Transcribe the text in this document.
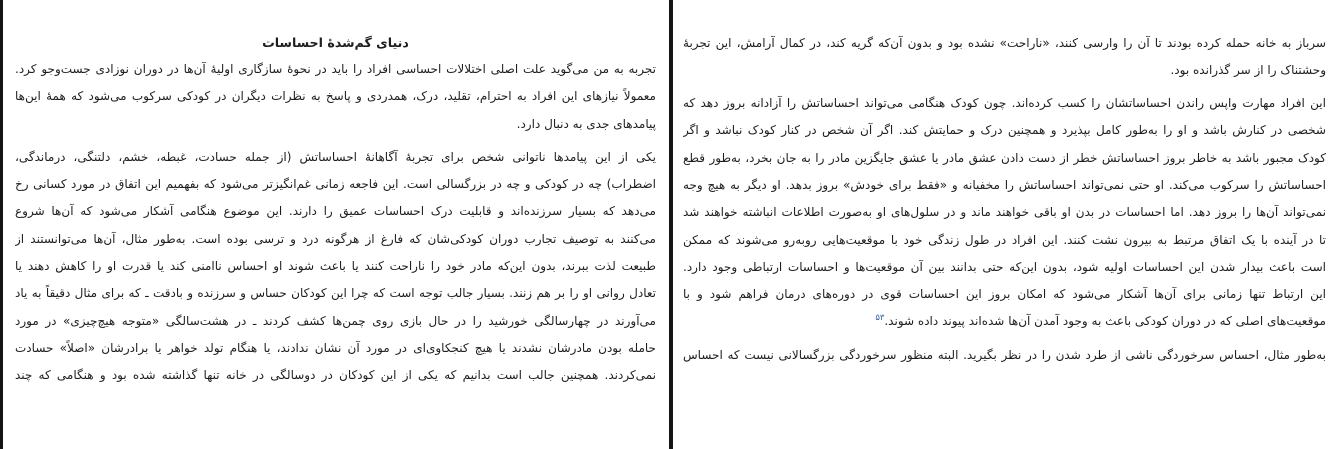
دنیای گم‌شدهٔ احساسات
تجربه به من می‌گوید علت اصلی اختلالات احساسی افراد را باید در نحوهٔ سازگاری اولیهٔ آن‌ها در دوران نوزادی جست‌وجو کرد.
معمولاً نیازهای این افراد به احترام، تقلید، درک، همدردی و پاسخ به نظرات دیگران در کودکی سرکوب می‌شود که همهٔ این‌ها
پیامدهای جدی به دنبال دارد.
یکی از این پیامدها ناتوانی شخص برای تجربهٔ آگاهانهٔ احساساتش (از جمله حسادت، غبطه، خشم، دلتنگی، درماندگی،
اضطراب) چه در کودکی و چه در بزرگسالی است. این فاجعه زمانی غم‌انگیزتر می‌شود که بفهمیم این اتفاق در مورد کسانی رخ
می‌دهد که بسیار سرزنده‌اند و قابلیت درک احساسات عمیق را دارند. این موضوع هنگامی آشکار می‌شود که آن‌ها شروع
می‌کنند به توصیف تجارب دوران کودکی‌شان که فارغ از هرگونه درد و ترسی بوده است. به‌طور مثال، آن‌ها می‌توانستند از
طبیعت لذت ببرند، بدون این‌که مادر خود را ناراحت کنند یا باعث شوند او احساس ناامنی کند یا قدرت او را کاهش دهند یا
تعادل روانی او را بر هم زنند. بسیار جالب توجه است که چرا این کودکان حساس و سرزنده و بادقت ـ که برای مثال دقیقاً به یاد
می‌آورند در چهارسالگی خورشید را در حال بازی روی چمن‌ها کشف کردند ـ در هشت‌سالگی «متوجه هیچ‌چیزی» در مورد
حامله بودن مادرشان نشدند یا هیچ کنجکاوی‌ای در مورد آن نشان ندادند، یا هنگام تولد خواهر یا برادرشان «اصلاً» حسادت
نمی‌کردند. همچنین جالب است بدانیم که یکی از این کودکان در دوسالگی در خانه تنها گذاشته شده بود و هنگامی که چند
سرباز به خانه حمله کرده بودند تا آن را وارسی کنند، «ناراحت» نشده بود و بدون آن‌که گریه کند، در کمال آرامش، این تجربهٔ
وحشتناک را از سر گذرانده بود.
این افراد مهارت واپس راندن احساساتشان را کسب کرده‌اند. چون کودک هنگامی می‌تواند احساساتش را آزادانه بروز دهد که
شخصی در کنارش باشد و او را به‌طور کامل بپذیرد و همچنین درک و حمایتش کند. اگر آن شخص در کنار کودک نباشد و اگر
کودک مجبور باشد به خاطر بروز احساساتش خطر از دست دادن عشق مادر یا عشق جایگزین مادر را به جان بخرد، به‌طور قطع
احساساتش را سرکوب می‌کند. او حتی نمی‌تواند احساساتش را مخفیانه و «فقط برای خودش» بروز بدهد. او دیگر به هیچ وجه
نمی‌تواند آن‌ها را بروز دهد. اما احساسات در بدن او باقی خواهند ماند و در سلول‌های او به‌صورت اطلاعات انباشته خواهند شد
تا در آینده با یک اتفاق مرتبط به بیرون نشت کنند. این افراد در طول زندگی خود با موقعیت‌هایی روبه‌رو می‌شوند که ممکن
است باعث بیدار شدن این احساسات اولیه شود، بدون این‌که حتی بدانند بین آن موقعیت‌ها و احساسات ارتباطی وجود دارد.
این ارتباط تنها زمانی برای آن‌ها آشکار می‌شود که امکان بروز این احساسات قوی در دوره‌های درمان فراهم شود و با
موقعیت‌های اصلی که در دوران کودکی باعث به وجود آمدن آن‌ها شده‌اند پیوند داده شوند.$^{۵۳}$
به‌طور مثال، احساس سرخوردگی ناشی از طرد شدن را در نظر بگیرید. البته منظور سرخوردگی بزرگسالانی نیست که احساس
